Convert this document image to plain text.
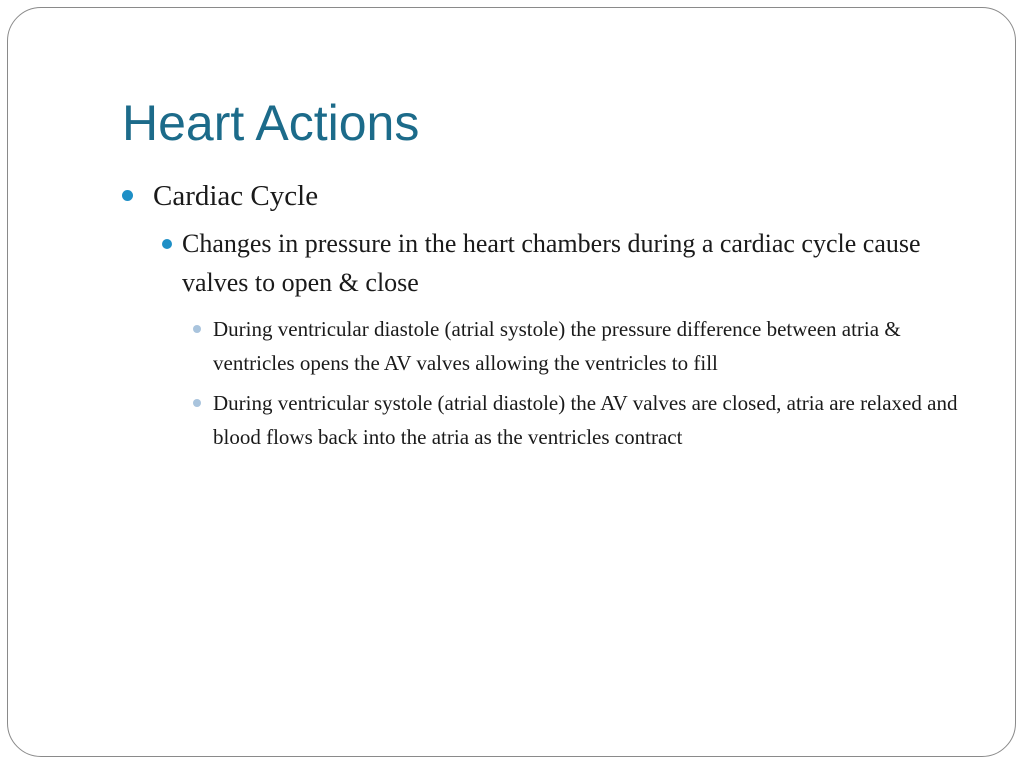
Heart Actions
Cardiac Cycle
Changes in pressure in the heart chambers during a cardiac cycle cause valves to open & close
During ventricular diastole (atrial systole) the pressure difference between atria & ventricles opens the AV valves allowing the ventricles to fill
During ventricular systole (atrial diastole) the AV valves are closed, atria are relaxed and blood flows back into the atria as the ventricles contract
